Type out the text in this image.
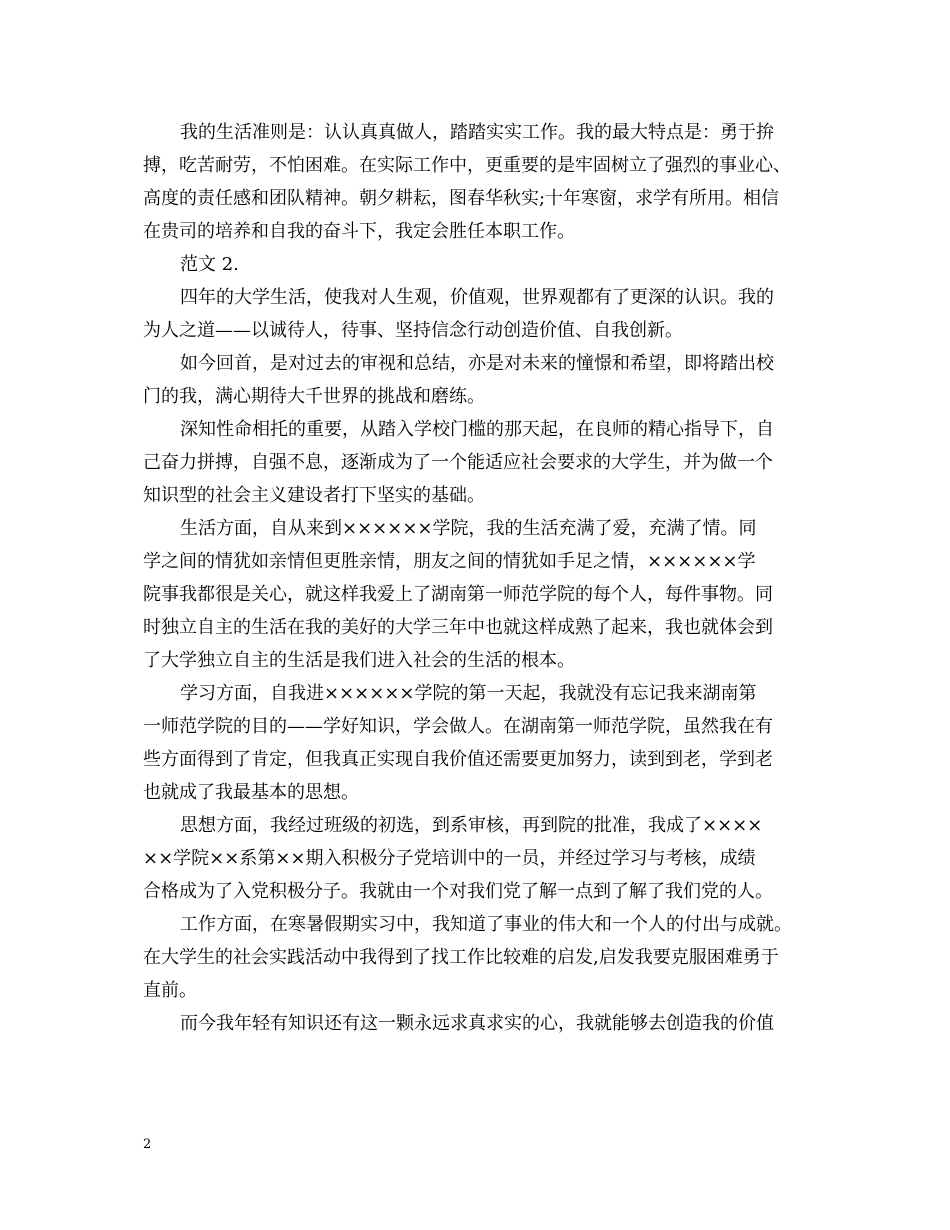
我的生活准则是：认认真真做人，踏踏实实工作。我的最大特点是：勇于拚
搏，吃苦耐劳，不怕困难。在实际工作中，更重要的是牢固树立了强烈的事业心、
高度的责任感和团队精神。朝夕耕耘，图春华秋实;十年寒窗，求学有所用。相信
在贵司的培养和自我的奋斗下，我定会胜任本职工作。
范文 2.
四年的大学生活，使我对人生观，价值观，世界观都有了更深的认识。我的
为人之道——以诚待人，待事、坚持信念行动创造价值、自我创新。
如今回首，是对过去的审视和总结，亦是对未来的憧憬和希望，即将踏出校
门的我，满心期待大千世界的挑战和磨练。
深知性命相托的重要，从踏入学校门槛的那天起，在良师的精心指导下，自
己奋力拼搏，自强不息，逐渐成为了一个能适应社会要求的大学生，并为做一个
知识型的社会主义建设者打下坚实的基础。
生活方面，自从来到××××××学院，我的生活充满了爱，充满了情。同
学之间的情犹如亲情但更胜亲情，朋友之间的情犹如手足之情，××××××学
院事我都很是关心，就这样我爱上了湖南第一师范学院的每个人，每件事物。同
时独立自主的生活在我的美好的大学三年中也就这样成熟了起来，我也就体会到
了大学独立自主的生活是我们进入社会的生活的根本。
学习方面，自我进××××××学院的第一天起，我就没有忘记我来湖南第
一师范学院的目的——学好知识，学会做人。在湖南第一师范学院，虽然我在有
些方面得到了肯定，但我真正实现自我价值还需要更加努力，读到到老，学到老
也就成了我最基本的思想。
思想方面，我经过班级的初选，到系审核，再到院的批准，我成了××××
××学院××系第××期入积极分子党培训中的一员，并经过学习与考核，成绩
合格成为了入党积极分子。我就由一个对我们党了解一点到了解了我们党的人。
工作方面，在寒暑假期实习中，我知道了事业的伟大和一个人的付出与成就。
在大学生的社会实践活动中我得到了找工作比较难的启发,启发我要克服困难勇于
直前。
而今我年轻有知识还有这一颗永远求真求实的心，我就能够去创造我的价值
2
